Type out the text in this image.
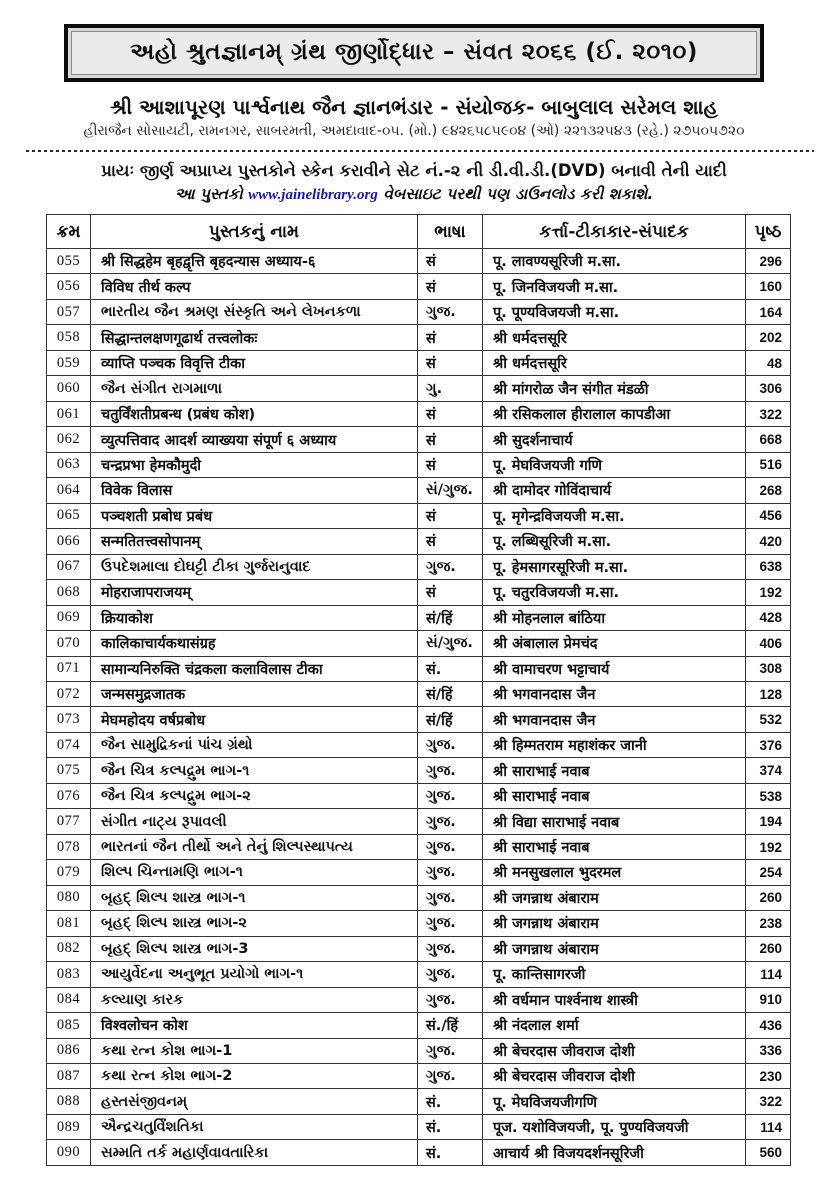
અહો શ્રુતજ્ઞાનમ્ ગ્રંથ જીર્ણોદ્ધાર – સંવત ૨૦૬૬ (ઈ. ૨૦૧૦)
શ્રી આશાપૂરણ પાર્શ્વનાથ જૈન જ્ઞાનભંડાર - સંયોજક- બાબુલાલ સરેમલ શાહ
હીરાજૈન સોસાયટી, રામનગર, સાબરમતી, અમદાવાદ-૦૫. (મો.) ૯૪૨૬૫૮૫૯૦૪ (ઓ) ૨૨૧૩૨૫૪૩ (રહે.) ૨૭૫૦૫૭૨૦
પ્રાયઃ જીર્ણ અપ્રાપ્ય પુસ્તકોને સ્કેન કરાવીને સેટ નં.-૨ ની ડી.વી.ડી.(DVD) બનાવી તેની યાદી
આ પુસ્તકો www.jainelibrary.org વેબસાઇટ પરથી પણ ડાઉનલોડ કરી શકાશે.
ક્રમ	પુસ્તકનું નામ	ભાષા	કર્ત્તા-ટીકાકાર-સંપાદક	પૃષ્ઠ
055	श्री सिद्धहेम बृहद्वृत्ति बृहदन्यास अध्याय-६	सं	पू. लावण्यसूरिजी म.सा.	296
056	विविध तीर्थ कल्प	सं	पू. जिनविजयजी म.सा.	160
057	ભારતીય જૈન શ્રમણ સંસ્કૃતિ અને લેખનકળા	ગુજ.	पू. पूण्यविजयजी म.सा.	164
058	सिद्धान्तलक्षणगूढार्थ तत्त्वलोकः	सं	श्री धर्मदत्तसूरि	202
059	व्याप्ति पञ्चक विवृत्ति टीका	सं	श्री धर्मदत्तसूरि	48
060	જૈન સંગીત રાગમાળા	ગુ.	श्री मांगरोळ जैन संगीत मंडळी	306
061	चतुर्विंशतीप्रबन्ध (प्रबंध कोश)	सं	श्री रसिकलाल हीरालाल कापडीआ	322
062	व्युत्पत्तिवाद आदर्श व्याख्यया संपूर्ण ६ अध्याय	सं	श्री सुदर्शनाचार्य	668
063	चन्द्रप्रभा हेमकौमुदी	सं	पू. मेघविजयजी गणि	516
064	विवेक विलास	સં/ગુજ.	श्री दामोदर गोविंदाचार्य	268
065	पञ्चशती प्रबोध प्रबंध	सं	पू. मृगेन्द्रविजयजी म.सा.	456
066	सन्मतितत्त्वसोपानम्	सं	पू. लब्धिसूरिजी म.सा.	420
067	ઉપદેશમાલા દોઘટ્ટી ટીકા ગુર્જરાનુવાદ	ગુજ.	पू. हेमसागरसूरिजी म.सा.	638
068	मोहराजापराजयम्	सं	पू. चतुरविजयजी म.सा.	192
069	क्रियाकोश	सं/हिं	श्री मोहनलाल बांठिया	428
070	कालिकाचार्यकथासंग्रह	સં/ગુજ.	श्री अंबालाल प्रेमचंद	406
071	सामान्यनिरुक्ति चंद्रकला कलाविलास टीका	सं.	श्री वामाचरण भट्टाचार्य	308
072	जन्मसमुद्रजातक	सं/हिं	श्री भगवानदास जैन	128
073	मेघमहोदय वर्षप्रबोध	सं/हिं	श्री भगवानदास जैन	532
074	જૈન સામુદ્રિકનાં પાંચ ગ્રંથો	ગુજ.	श्री हिम्मतराम महाशंकर जानी	376
075	જૈન ચિત્ર કલ્પદ્રુમ ભાગ-૧	ગુજ.	श्री साराभाई नवाब	374
076	જૈન ચિત્ર કલ્પદ્રુમ ભાગ-૨	ગુજ.	श्री साराभाई नवाब	538
077	સંગીત નાટ્ય રૂપાવલી	ગુજ.	श्री विद्या साराभाई नवाब	194
078	ભારતનાં જૈન તીર્થો અને તેનું શિલ્પસ્થાપત્ય	ગુજ.	श्री साराभाई नवाब	192
079	શિલ્પ ચિન્તામણિ ભાગ-૧	ગુજ.	श्री मनसुखलाल भुदरमल	254
080	બૃહદ્ શિલ્પ શાસ્ત્ર ભાગ-૧	ગુજ.	श्री जगन्नाथ अंबाराम	260
081	બૃહદ્ શિલ્પ શાસ્ત્ર ભાગ-૨	ગુજ.	श्री जगन्नाथ अंबाराम	238
082	બૃહદ્ શિલ્પ શાસ્ત્ર ભાગ-3	ગુજ.	श्री जगन्नाथ अंबाराम	260
083	આયુર્વેદના અનુભૂત પ્રયોગો ભાગ-૧	ગુજ.	पू. कान्तिसागरजी	114
084	કલ્યાણ કારક	ગુજ.	श्री वर्धमान पार्श्वनाथ शास्त्री	910
085	विश्वलोचन कोश	सं./हिं	श्री नंदलाल शर्मा	436
086	કથા રત્ન કોશ ભાગ-1	ગુજ.	श्री बेचरदास जीवराज दोशी	336
087	કથા રત્ન કોશ ભાગ-2	ગુજ.	श्री बेचरदास जीवराज दोशी	230
088	હસ્તસંજીવનમ્	सं.	पू. मेघविजयजीगणि	322
089	ઐન્દ્રચતુર્વિંશતિકા	सं.	पूज. यशोविजयजी, पू. पुण्यविजयजी	114
090	સમ્મતિ તર્ક મહાર્ણવાવતારિકા	सं.	आचार्य श्री विजयदर्शनसूरिजी	560
